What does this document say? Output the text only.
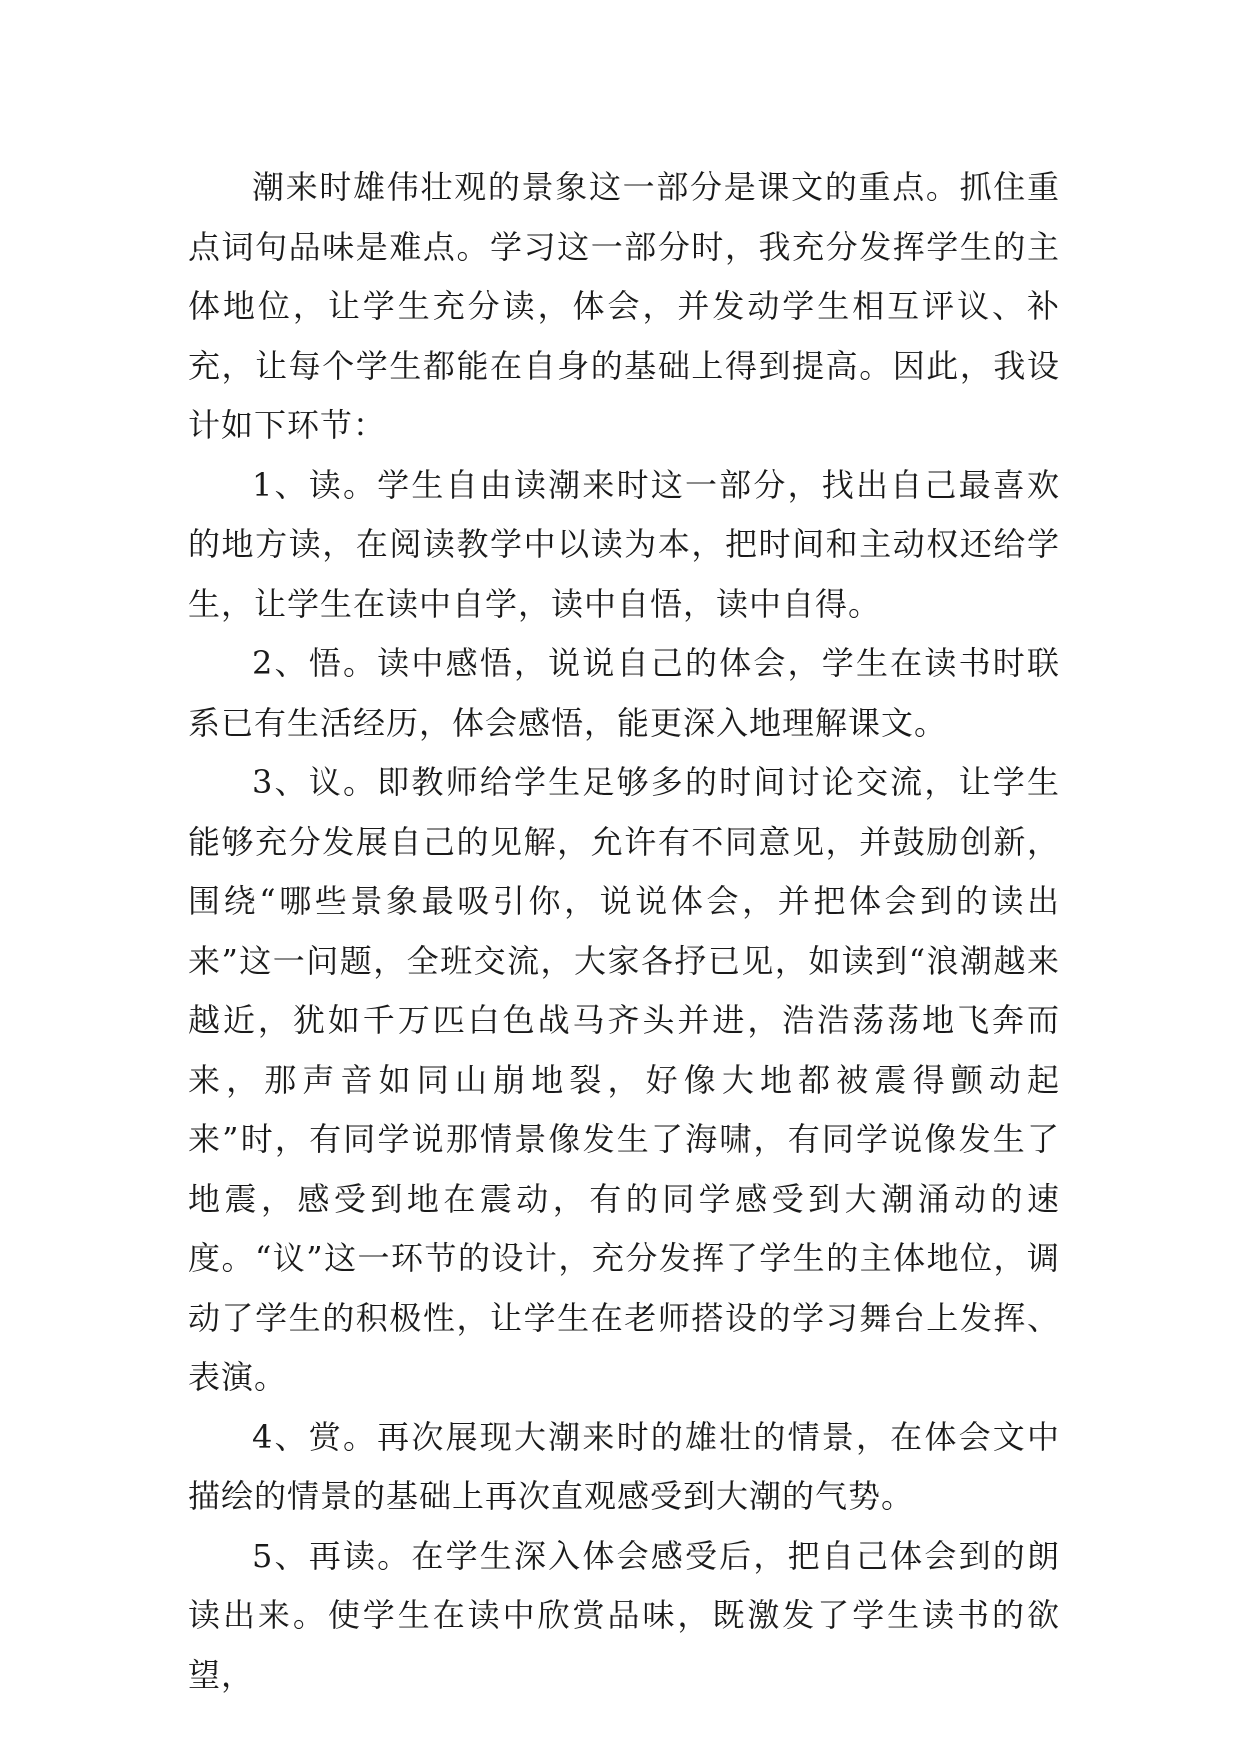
潮来时雄伟壮观的景象这一部分是课文的重点。抓住重点词句品味是难点。学习这一部分时，我充分发挥学生的主体地位，让学生充分读，体会，并发动学生相互评议、补充，让每个学生都能在自身的基础上得到提高。因此，我设计如下环节：

1、读。学生自由读潮来时这一部分，找出自己最喜欢的地方读，在阅读教学中以读为本，把时间和主动权还给学生，让学生在读中自学，读中自悟，读中自得。

2、悟。读中感悟，说说自己的体会，学生在读书时联系已有生活经历，体会感悟，能更深入地理解课文。

3、议。即教师给学生足够多的时间讨论交流，让学生能够充分发展自己的见解，允许有不同意见，并鼓励创新，围绕“哪些景象最吸引你，说说体会，并把体会到的读出来”这一问题，全班交流，大家各抒已见，如读到“浪潮越来越近，犹如千万匹白色战马齐头并进，浩浩荡荡地飞奔而来，那声音如同山崩地裂，好像大地都被震得颤动起来”时，有同学说那情景像发生了海啸，有同学说像发生了地震，感受到地在震动，有的同学感受到大潮涌动的速度。“议”这一环节的设计，充分发挥了学生的主体地位，调动了学生的积极性，让学生在老师搭设的学习舞台上发挥、表演。

4、赏。再次展现大潮来时的雄壮的情景，在体会文中描绘的情景的基础上再次直观感受到大潮的气势。

5、再读。在学生深入体会感受后，把自己体会到的朗读出来。使学生在读中欣赏品味，既激发了学生读书的欲望，
